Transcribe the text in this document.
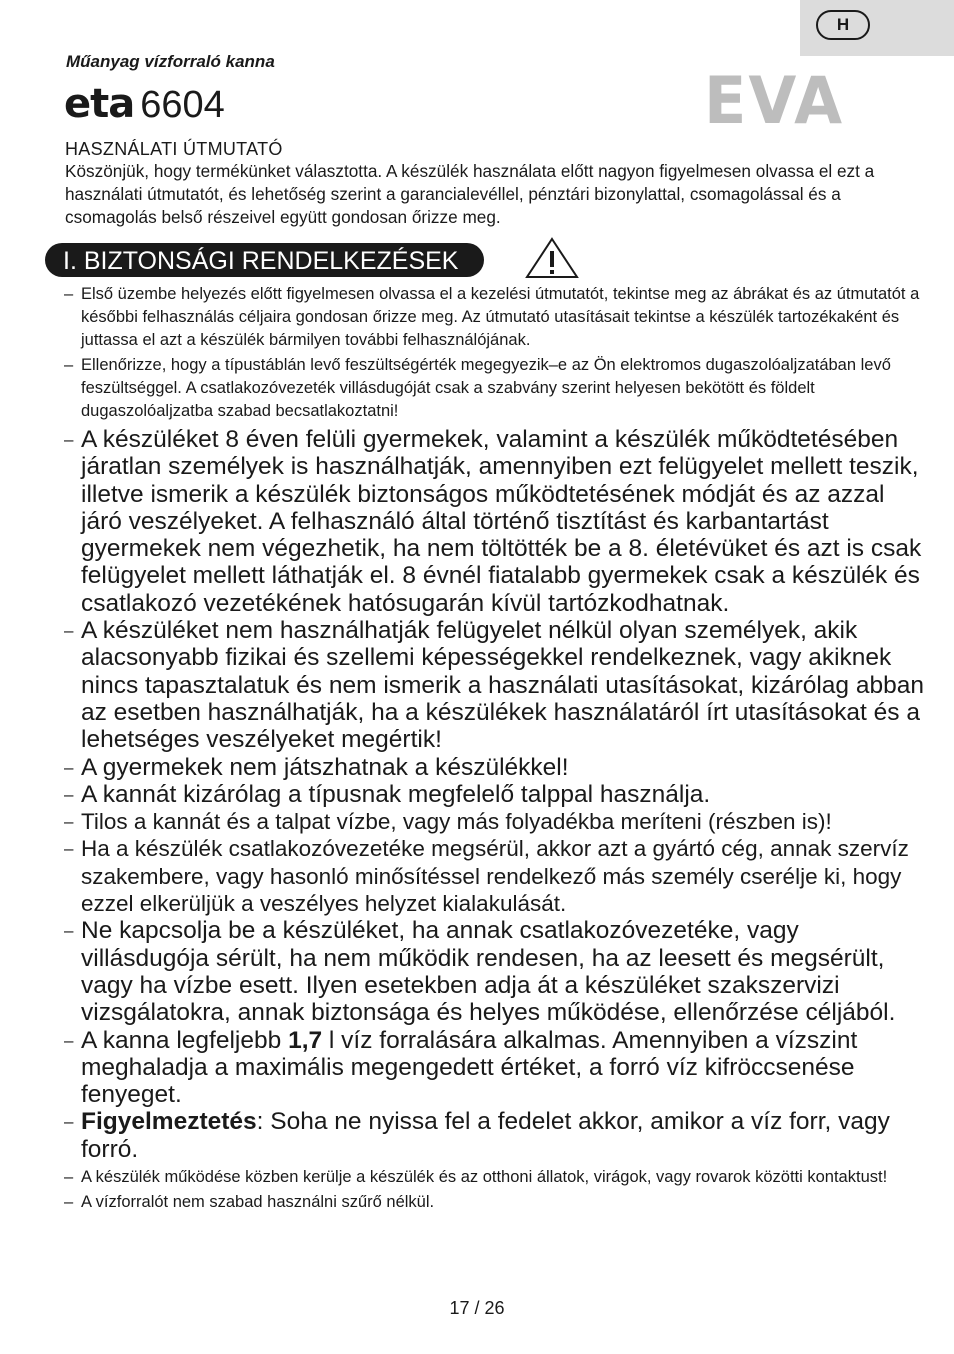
H
Műanyag vízforraló kanna
eta 6604	EVA
HASZNÁLATI ÚTMUTATÓ
Köszönjük, hogy termékünket választotta. A készülék használata előtt nagyon figyelmesen olvassa el ezt a használati útmutatót, és lehetőség szerint a garancialevéllel, pénztári bizonylattal, csomagolással és a csomagolás belső részeivel együtt gondosan őrizze meg.
I. BIZTONSÁGI RENDELKEZÉSEK
– Első üzembe helyezés előtt figyelmesen olvassa el a kezelési útmutatót, tekintse meg az ábrákat és az útmutatót a későbbi felhasználás céljaira gondosan őrizze meg. Az útmutató utasításait tekintse a készülék tartozékaként és juttassa el azt a készülék bármilyen további felhasználójának.
– Ellenőrizze, hogy a típustáblán levő feszültségérték megegyezik–e az Ön elektromos dugaszolóaljzatában levő feszültséggel. A csatlakozóvezeték villásdugóját csak a szabvány szerint helyesen bekötött és földelt dugaszolóaljzatba szabad becsatlakoztatni!
– A készüléket 8 éven felüli gyermekek, valamint a készülék működtetésében járatlan személyek is használhatják, amennyiben ezt felügyelet mellett teszik, illetve ismerik a készülék biztonságos működtetésének módját és az azzal járó veszélyeket. A felhasználó által történő tisztítást és karbantartást gyermekek nem végezhetik, ha nem töltötték be a 8. életévüket és azt is csak felügyelet mellett láthatják el. 8 évnél fiatalabb gyermekek csak a készülék és csatlakozó vezetékének hatósugarán kívül tartózkodhatnak.
– A készüléket nem használhatják felügyelet nélkül olyan személyek, akik alacsonyabb fizikai és szellemi képességekkel rendelkeznek, vagy akiknek nincs tapasztalatuk és nem ismerik a használati utasításokat, kizárólag abban az esetben használhatják, ha a készülékek használatáról írt utasításokat és a lehetséges veszélyeket megértik!
– A gyermekek nem játszhatnak a készülékkel!
– A kannát kizárólag a típusnak megfelelő talppal használja.
– Tilos a kannát és a talpat vízbe, vagy más folyadékba meríteni (részben is)!
– Ha a készülék csatlakozóvezetéke megsérül, akkor azt a gyártó cég, annak szervíz szakembere, vagy hasonló minősítéssel rendelkező más személy cserélje ki, hogy ezzel elkerüljük a veszélyes helyzet kialakulását.
– Ne kapcsolja be a készüléket, ha annak csatlakozóvezetéke, vagy villásdugója sérült, ha nem működik rendesen, ha az leesett és megsérült, vagy ha vízbe esett. Ilyen esetekben adja át a készüléket szakszervizi vizsgálatokra, annak biztonsága és helyes működése, ellenőrzése céljából.
– A kanna legfeljebb 1,7 l víz forralására alkalmas. Amennyiben a vízszint meghaladja a maximális megengedett értéket, a forró víz kifröccsenése fenyeget.
– Figyelmeztetés: Soha ne nyissa fel a fedelet akkor, amikor a víz forr, vagy forró.
– A készülék működése közben kerülje a készülék és az otthoni állatok, virágok, vagy rovarok közötti kontaktust!
– A vízforralót nem szabad használni szűrő nélkül.
17 / 26
